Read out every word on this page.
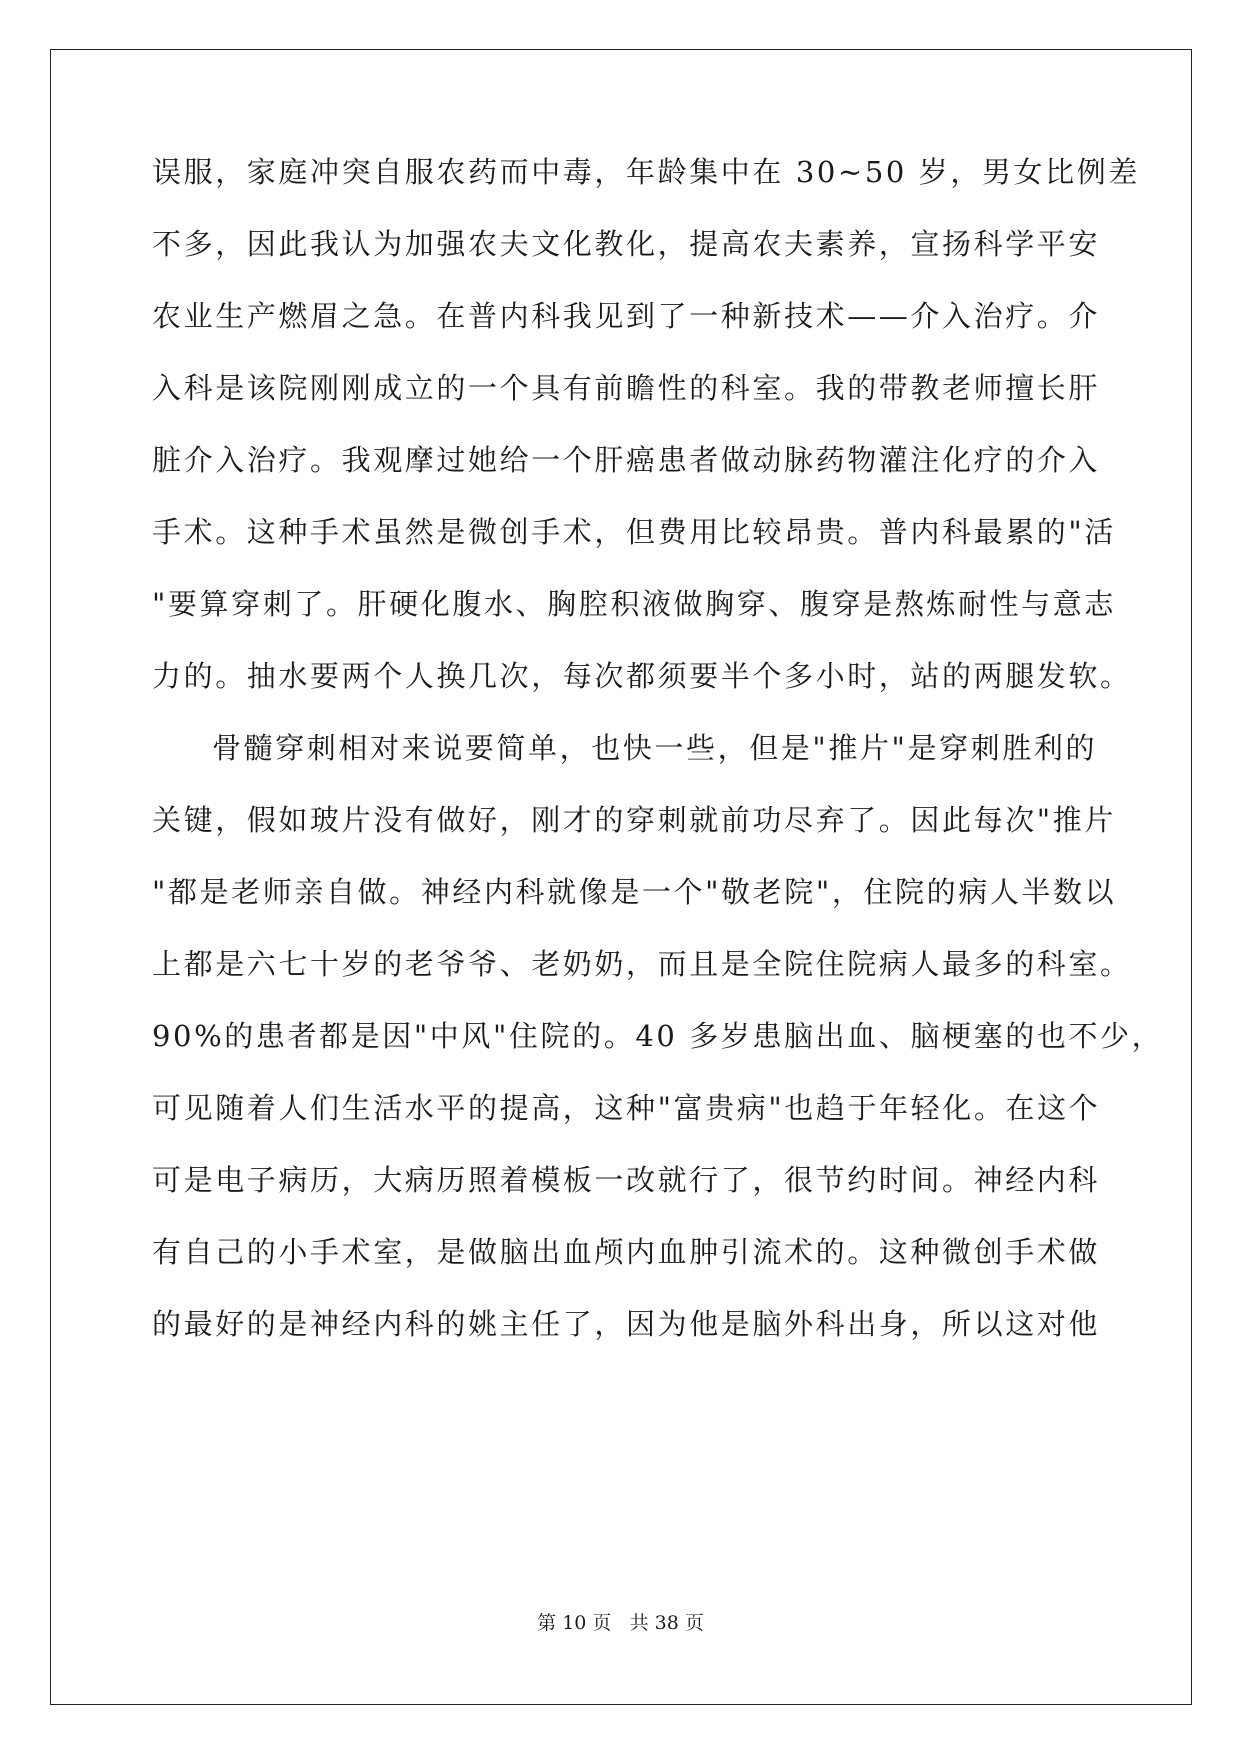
误服，家庭冲突自服农药而中毒，年龄集中在 30~50 岁，男女比例差
不多，因此我认为加强农夫文化教化，提高农夫素养，宣扬科学平安
农业生产燃眉之急。在普内科我见到了一种新技术——介入治疗。介
入科是该院刚刚成立的一个具有前瞻性的科室。我的带教老师擅长肝
脏介入治疗。我观摩过她给一个肝癌患者做动脉药物灌注化疗的介入
手术。这种手术虽然是微创手术，但费用比较昂贵。普内科最累的"活
"要算穿刺了。肝硬化腹水、胸腔积液做胸穿、腹穿是熬炼耐性与意志
力的。抽水要两个人换几次，每次都须要半个多小时，站的两腿发软。
骨髓穿刺相对来说要简单，也快一些，但是"推片"是穿刺胜利的
关键，假如玻片没有做好，刚才的穿刺就前功尽弃了。因此每次"推片
"都是老师亲自做。神经内科就像是一个"敬老院"，住院的病人半数以
上都是六七十岁的老爷爷、老奶奶，而且是全院住院病人最多的科室。
90%的患者都是因"中风"住院的。40 多岁患脑出血、脑梗塞的也不少，
可见随着人们生活水平的提高，这种"富贵病"也趋于年轻化。在这个
可是电子病历，大病历照着模板一改就行了，很节约时间。神经内科
有自己的小手术室，是做脑出血颅内血肿引流术的。这种微创手术做
的最好的是神经内科的姚主任了，因为他是脑外科出身，所以这对他
第 10 页 共 38 页
